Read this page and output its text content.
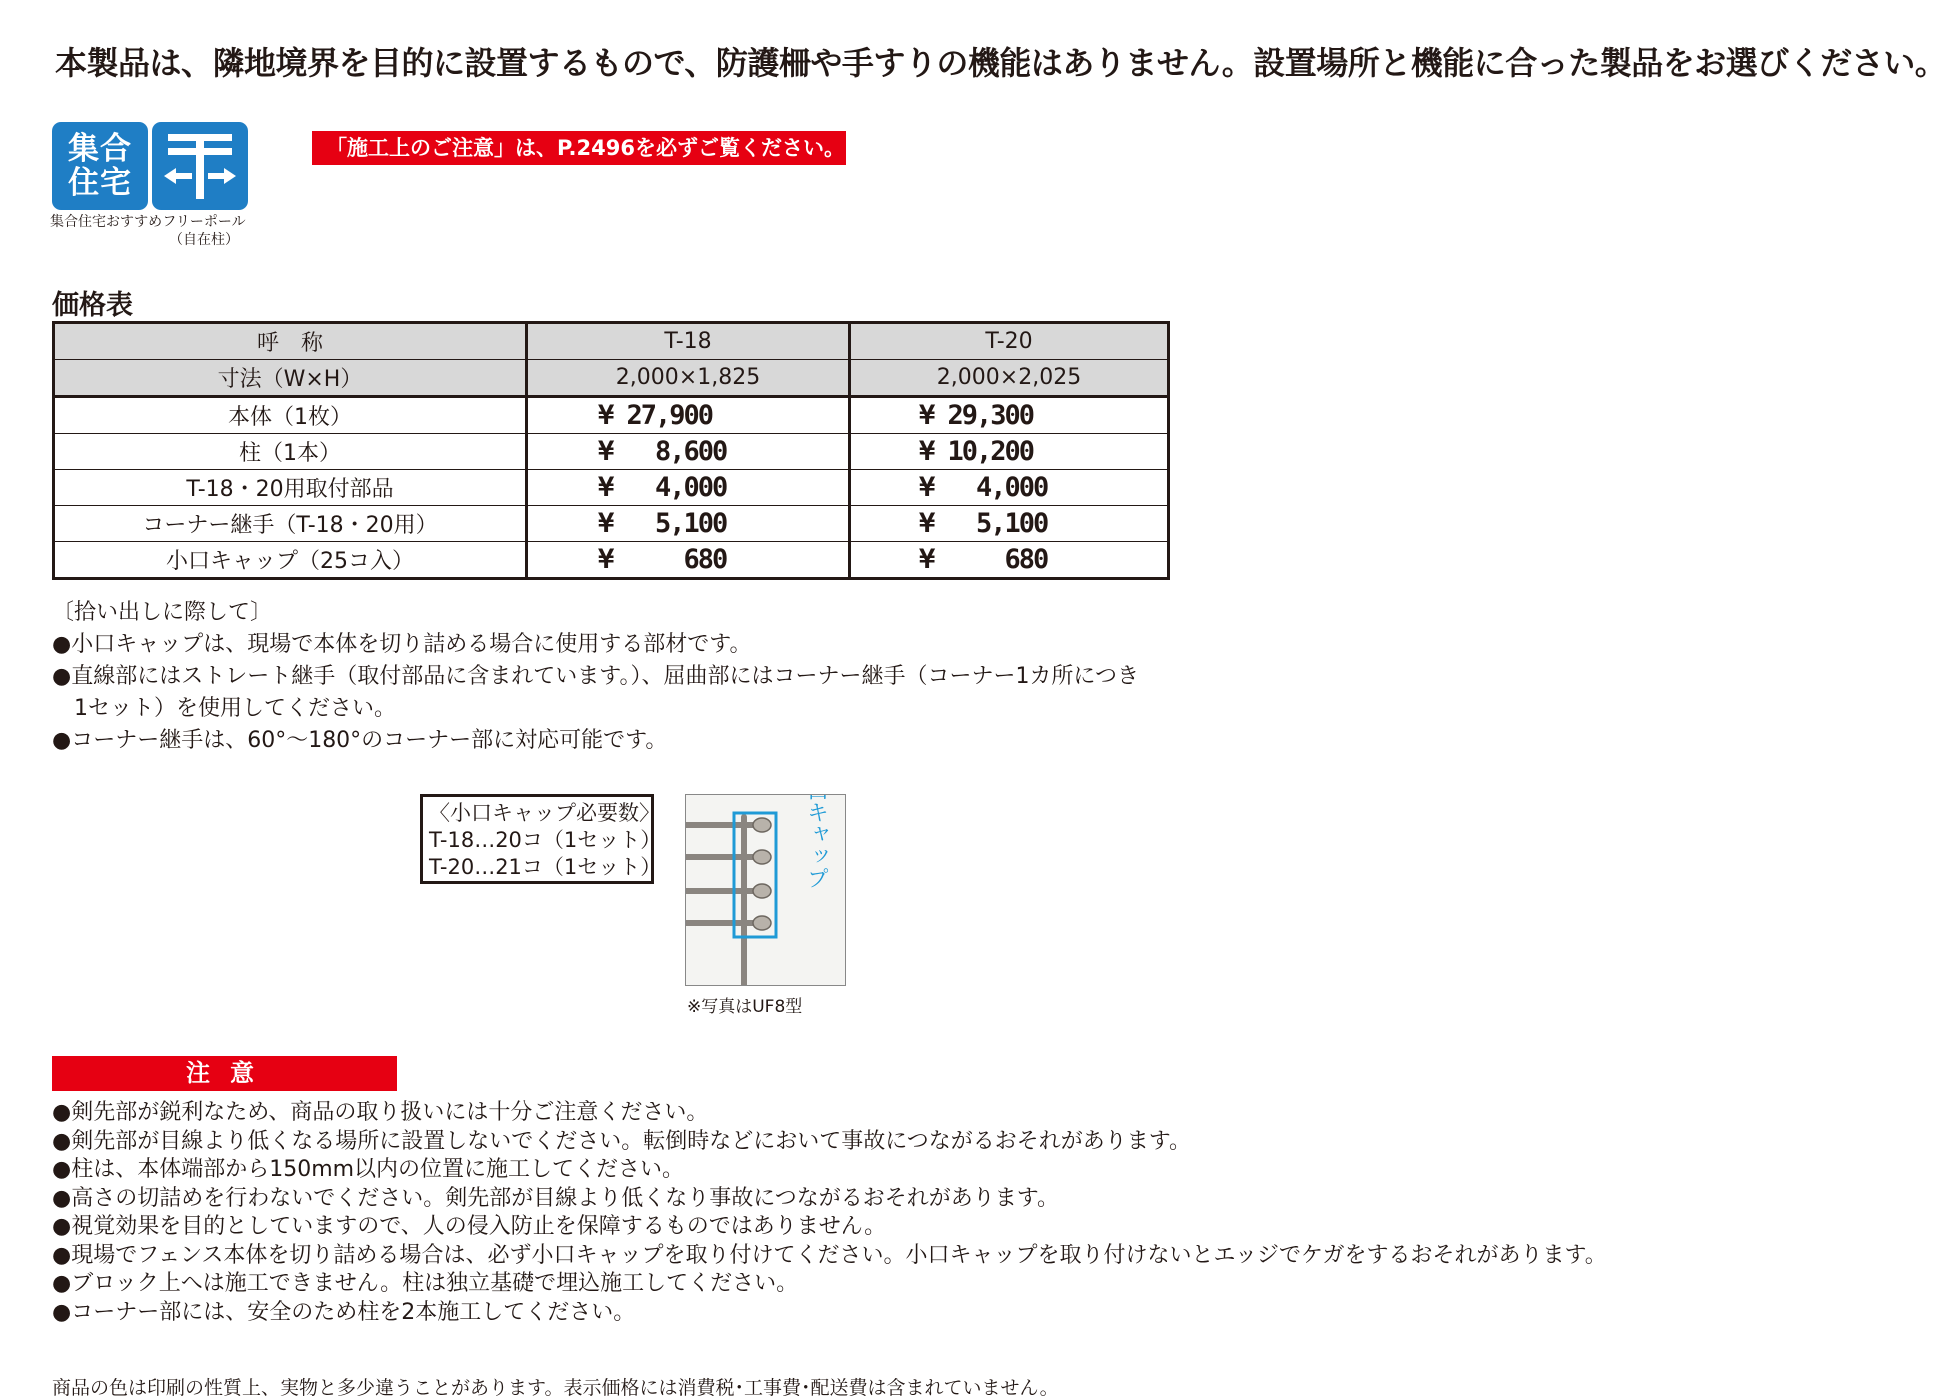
本製品は、隣地境界を目的に設置するもので、防護柵や手すりの機能はありません。設置場所と機能に合った製品をお選びください。
集合
住宅
集合住宅おすすめ フリーポール
（自在柱）
「施工上のご注意」は、P.2496を必ずご覧ください。
価格表
呼　称	T-18	T-20
寸法（W×H）	2,000×1,825	2,000×2,025
本体（1枚）	¥ 27,900	¥ 29,300
柱（1本）	¥   8,600	¥ 10,200
T-18・20用取付部品	¥   4,000	¥   4,000
コーナー継手（T-18・20用）	¥   5,100	¥   5,100
小口キャップ（25コ入）	¥     680	¥     680
〔拾い出しに際して〕
●小口キャップは、現場で本体を切り詰める場合に使用する部材です。
●直線部にはストレート継手（取付部品に含まれています。）、屈曲部にはコーナー継手（コーナー1カ所につき
　1セット）を使用してください。
●コーナー継手は、60°～180°のコーナー部に対応可能です。
〈小口キャップ必要数〉
T-18…20コ（1セット）
T-20…21コ（1セット）	小口キャップ
※写真はUF8型
注意
●剣先部が鋭利なため、商品の取り扱いには十分ご注意ください。
●剣先部が目線より低くなる場所に設置しないでください。転倒時などにおいて事故につながるおそれがあります。
●柱は、本体端部から150mm以内の位置に施工してください。
●高さの切詰めを行わないでください。剣先部が目線より低くなり事故につながるおそれがあります。
●視覚効果を目的としていますので、人の侵入防止を保障するものではありません。
●現場でフェンス本体を切り詰める場合は、必ず小口キャップを取り付けてください。小口キャップを取り付けないとエッジでケガをするおそれがあります。
●ブロック上へは施工できません。柱は独立基礎で埋込施工してください。
●コーナー部には、安全のため柱を2本施工してください。
商品の色は印刷の性質上、実物と多少違うことがあります。表示価格には消費税･工事費･配送費は含まれていません。
